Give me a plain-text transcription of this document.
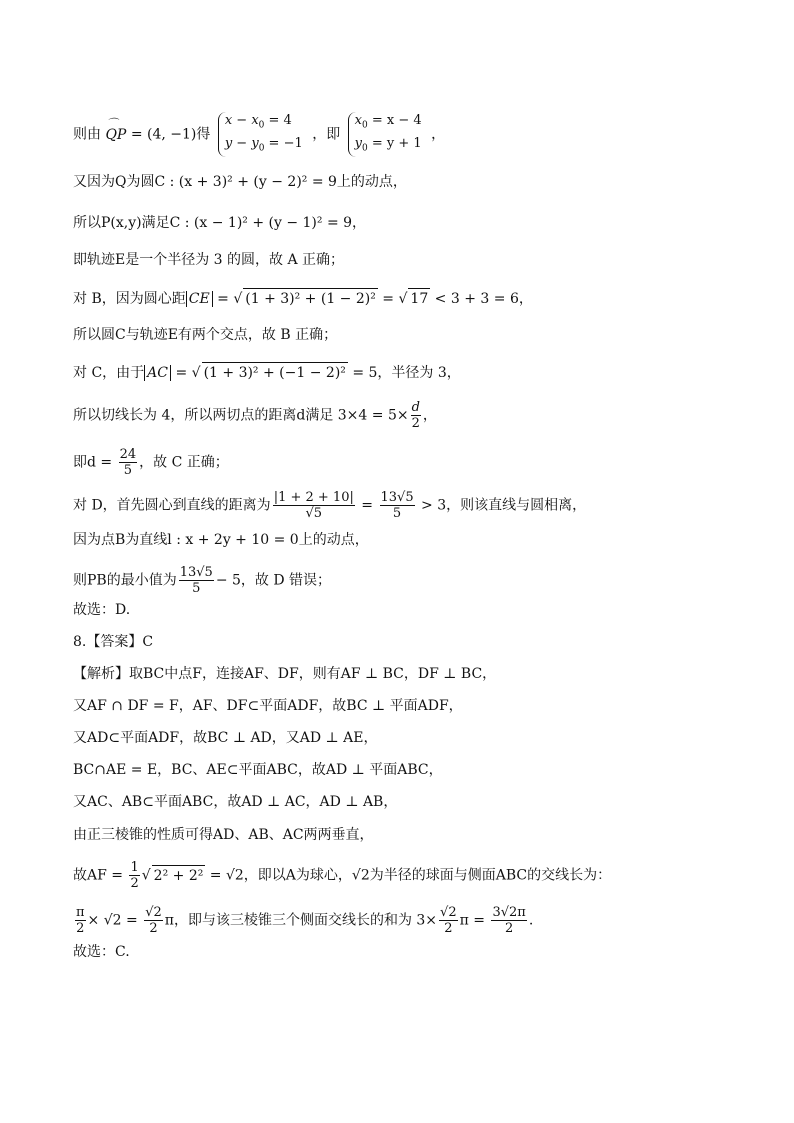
则由 ⌒ QP = (4, −1)得
$x - x_0 = 4$
$y - y_0 = -1$
，即
$x_0 = x - 4$
$y_0 = y + 1$
，
又因为Q为圆C : (x + 3)² + (y − 2)² = 9上的动点，
所以P(x,y)满足C : (x − 1)² + (y − 1)² = 9，
即轨迹E是一个半径为 3 的圆，故 A 正确；
对 B，因为圆心距 CE = √ (1 + 3)² + (1 − 2)² = √ 17 < 3 + 3 = 6，
所以圆C与轨迹E有两个交点，故 B 正确；
对 C，由于 AC = √ (1 + 3)² + (−1 − 2)² = 5，半径为 3，
所以切线长为 4，所以两切点的距离d满足 $3\times 4 = 5\times \frac{d}{2}$ ，
即$d = \frac{24}{5}$ ，故 C 正确；
对 D，首先圆心到直线的距离为 $\frac{|1 + 2 + 10|}{√5} = \frac{13√5}{5} > 3$，则该直线与圆相离，
因为点B为直线l : x + 2y + 10 = 0上的动点，
则PB的最小值为 $\frac{13√5}{5} - 5$，故 D 错误；
故选：D.
8.【答案】C
【解析】取BC中点F，连接AF、DF，则有AF ⊥ BC，DF ⊥ BC，
又AF ∩ DF = F，AF、DF⊂平面ADF，故BC ⊥ 平面ADF，
又AD⊂平面ADF，故BC ⊥ AD，又AD ⊥ AE，
BC∩AE = E，BC、AE⊂平面ABC，故AD ⊥ 平面ABC，
又AC、AB⊂平面ABC，故AD ⊥ AC，AD ⊥ AB，
由正三棱锥的性质可得AD、AB、AC两两垂直，
故AF = $\frac{1}{2}$ √ 2² + 2² = √2，即以A为球心，√2为半径的球面与侧面ABC的交线长为：
$\frac{\pi}{2} \times √2 = \frac{√2}{2}$ π，即与该三棱锥三个侧面交线长的和为 $3\times \frac{√2}{2}$ $\pi = \frac{3√2\pi}{2}$ .
故选：C.
